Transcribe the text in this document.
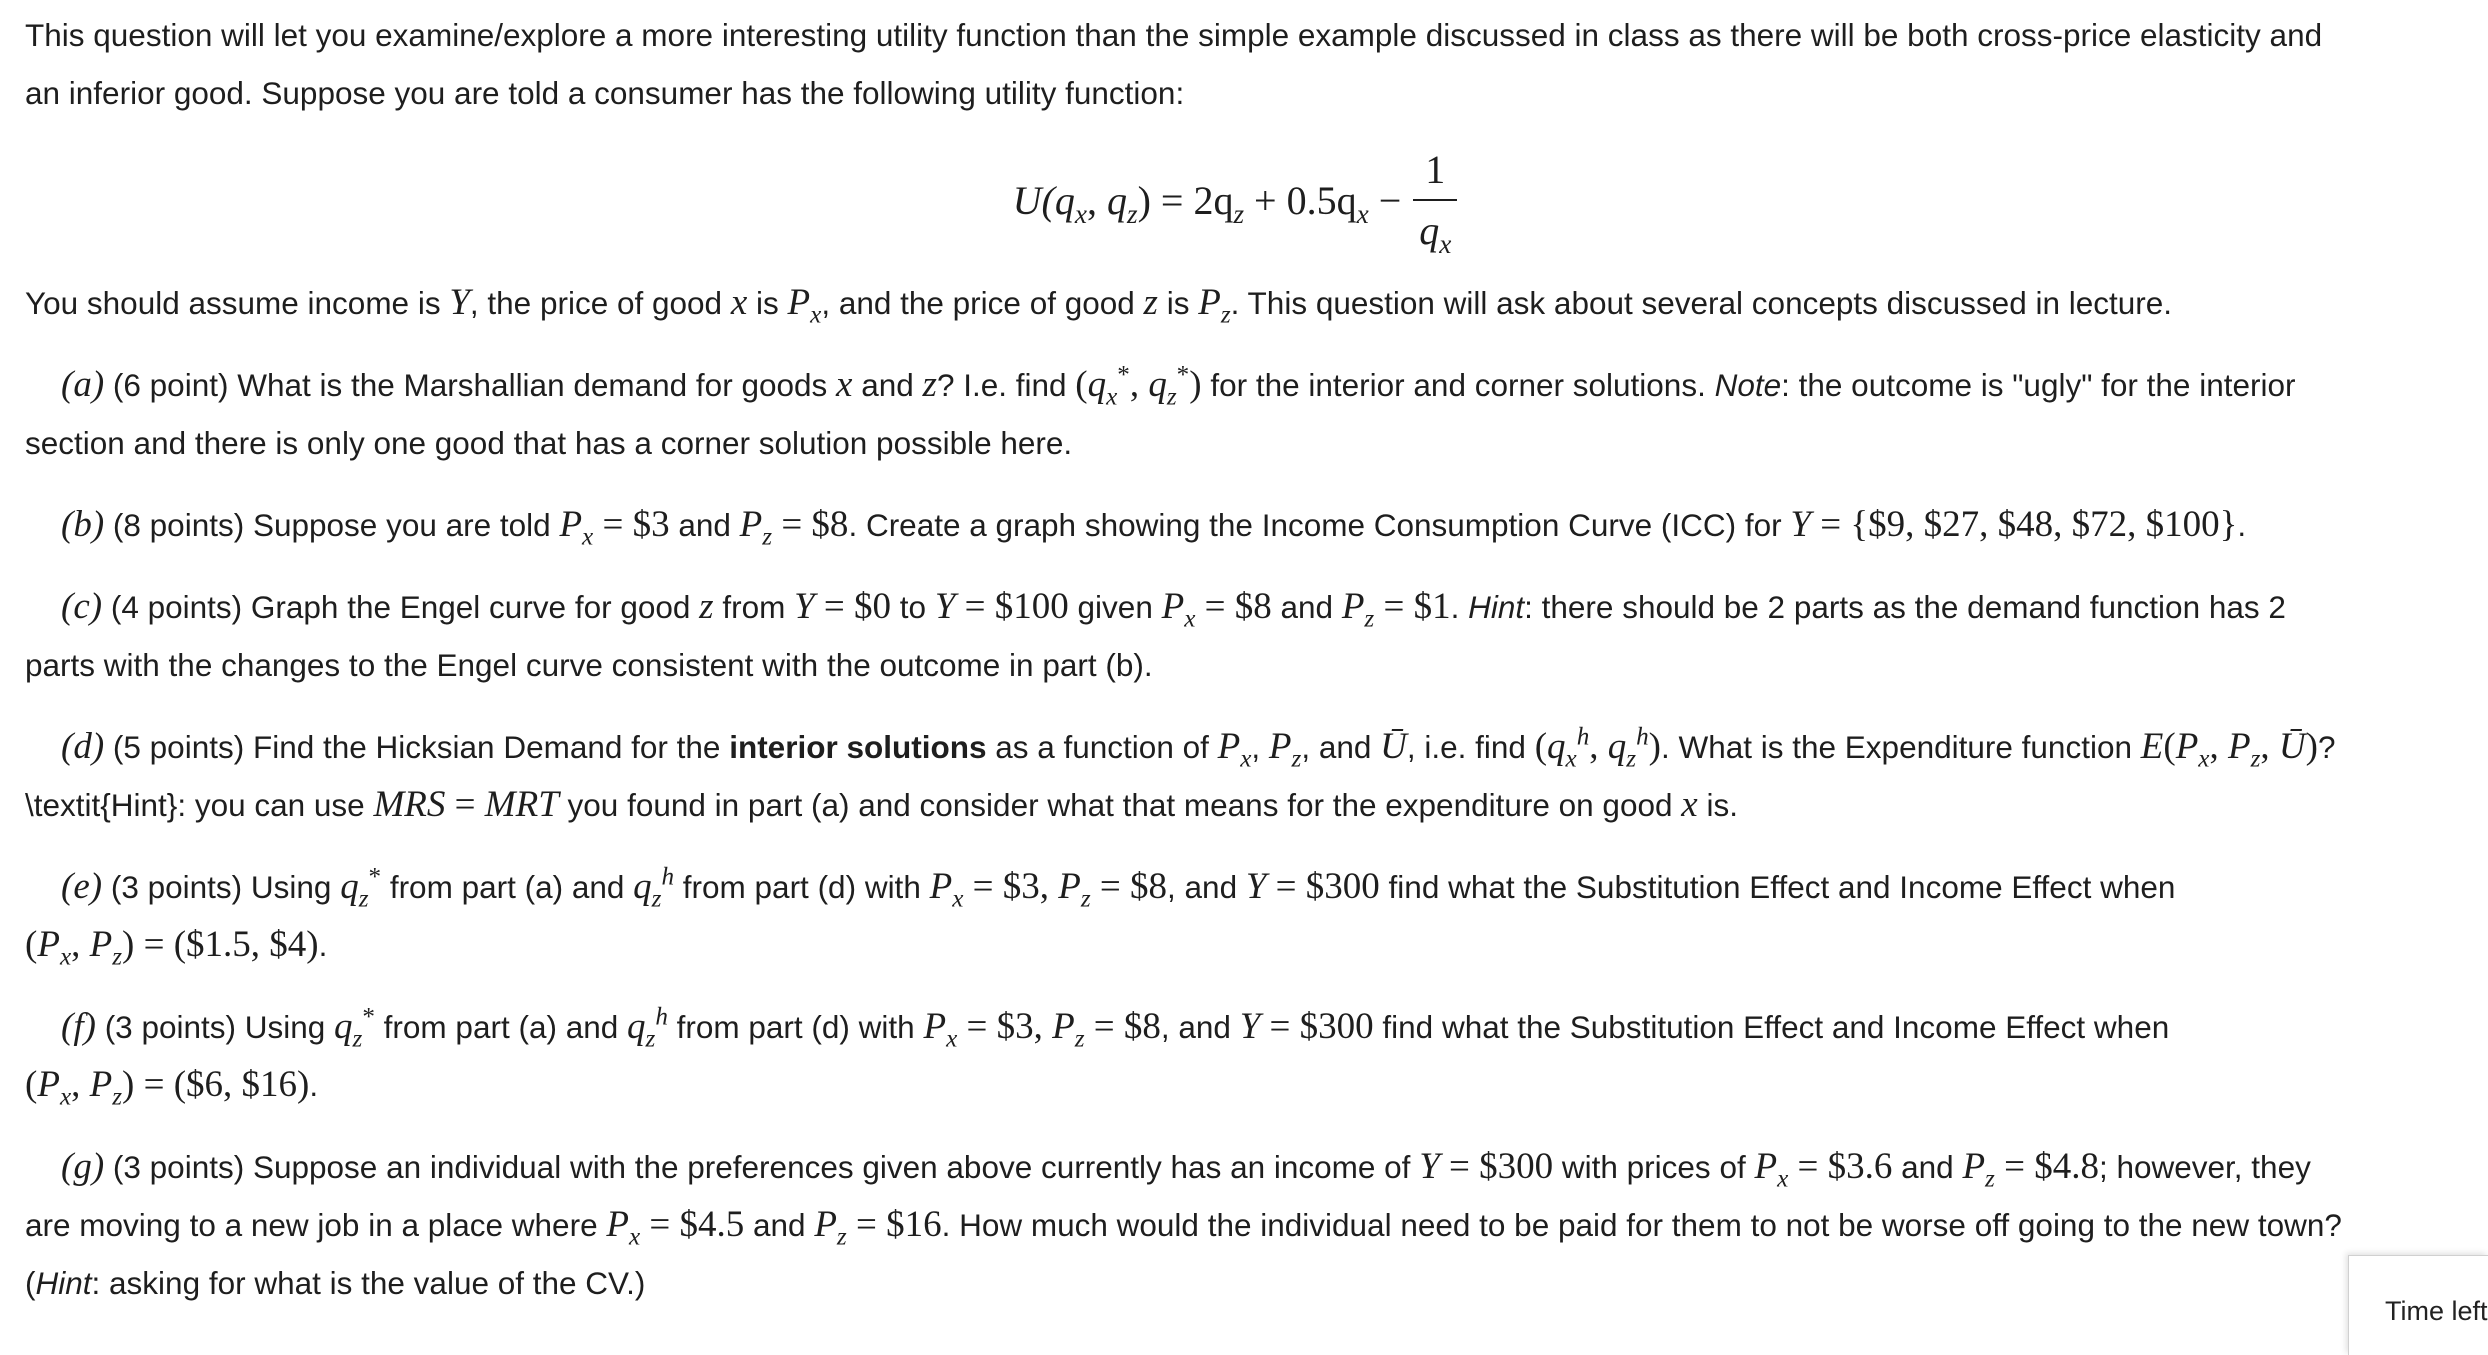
This question will let you examine/explore a more interesting utility function than the simple example discussed in class as there will be both cross-price elasticity and

an inferior good. Suppose you are told a consumer has the following utility function:

$U(q_x$, $q_z) = 2q_z + 0.5q_x - \frac{1}{q_x}$

You should assume income is Y, the price of good x is $P_x$, and the price of good z is $P_z$. This question will ask about several concepts discussed in lecture.

(a) (6 point) What is the Marshallian demand for goods x and z? I.e. find ($q_x^*$, $q_z^*$) for the interior and corner solutions. Note: the outcome is "ugly" for the interior

section and there is only one good that has a corner solution possible here.

(b) (8 points) Suppose you are told $P_x$ = $3 and $P_z$ = $8. Create a graph showing the Income Consumption Curve (ICC) for Y = {$9, $27, $48, $72, $100}.

(c) (4 points) Graph the Engel curve for good z from Y = $0 to Y = $100 given $P_x$ = $8 and $P_z$ = $1. Hint: there should be 2 parts as the demand function has 2

parts with the changes to the Engel curve consistent with the outcome in part (b).

(d) (5 points) Find the Hicksian Demand for the interior solutions as a function of $P_x$, $P_z$, and Ū, i.e. find ($q_x^h$, $q_z^h$). What is the Expenditure function $E(P_x$, $P_z$, Ū)?

\textit{Hint}: you can use MRS = MRT you found in part (a) and consider what that means for the expenditure on good x is.

(e) (3 points) Using $q_z^*$ from part (a) and $q_z^h$ from part (d) with $P_x$ = $3, $P_z$ = $8, and Y = $300 find what the Substitution Effect and Income Effect when

($P_x$, $P_z$) = ($1.5, $4).

(f) (3 points) Using $q_z^*$ from part (a) and $q_z^h$ from part (d) with $P_x$ = $3, $P_z$ = $8, and Y = $300 find what the Substitution Effect and Income Effect when

($P_x$, $P_z$) = ($6, $16).

(g) (3 points) Suppose an individual with the preferences given above currently has an income of Y = $300 with prices of $P_x$ = $3.6 and $P_z$ = $4.8; however, they

are moving to a new job in a place where $P_x$ = $4.5 and $P_z$ = $16. How much would the individual need to be paid for them to not be worse off going to the new town?

(Hint: asking for what is the value of the CV.)

Time left
